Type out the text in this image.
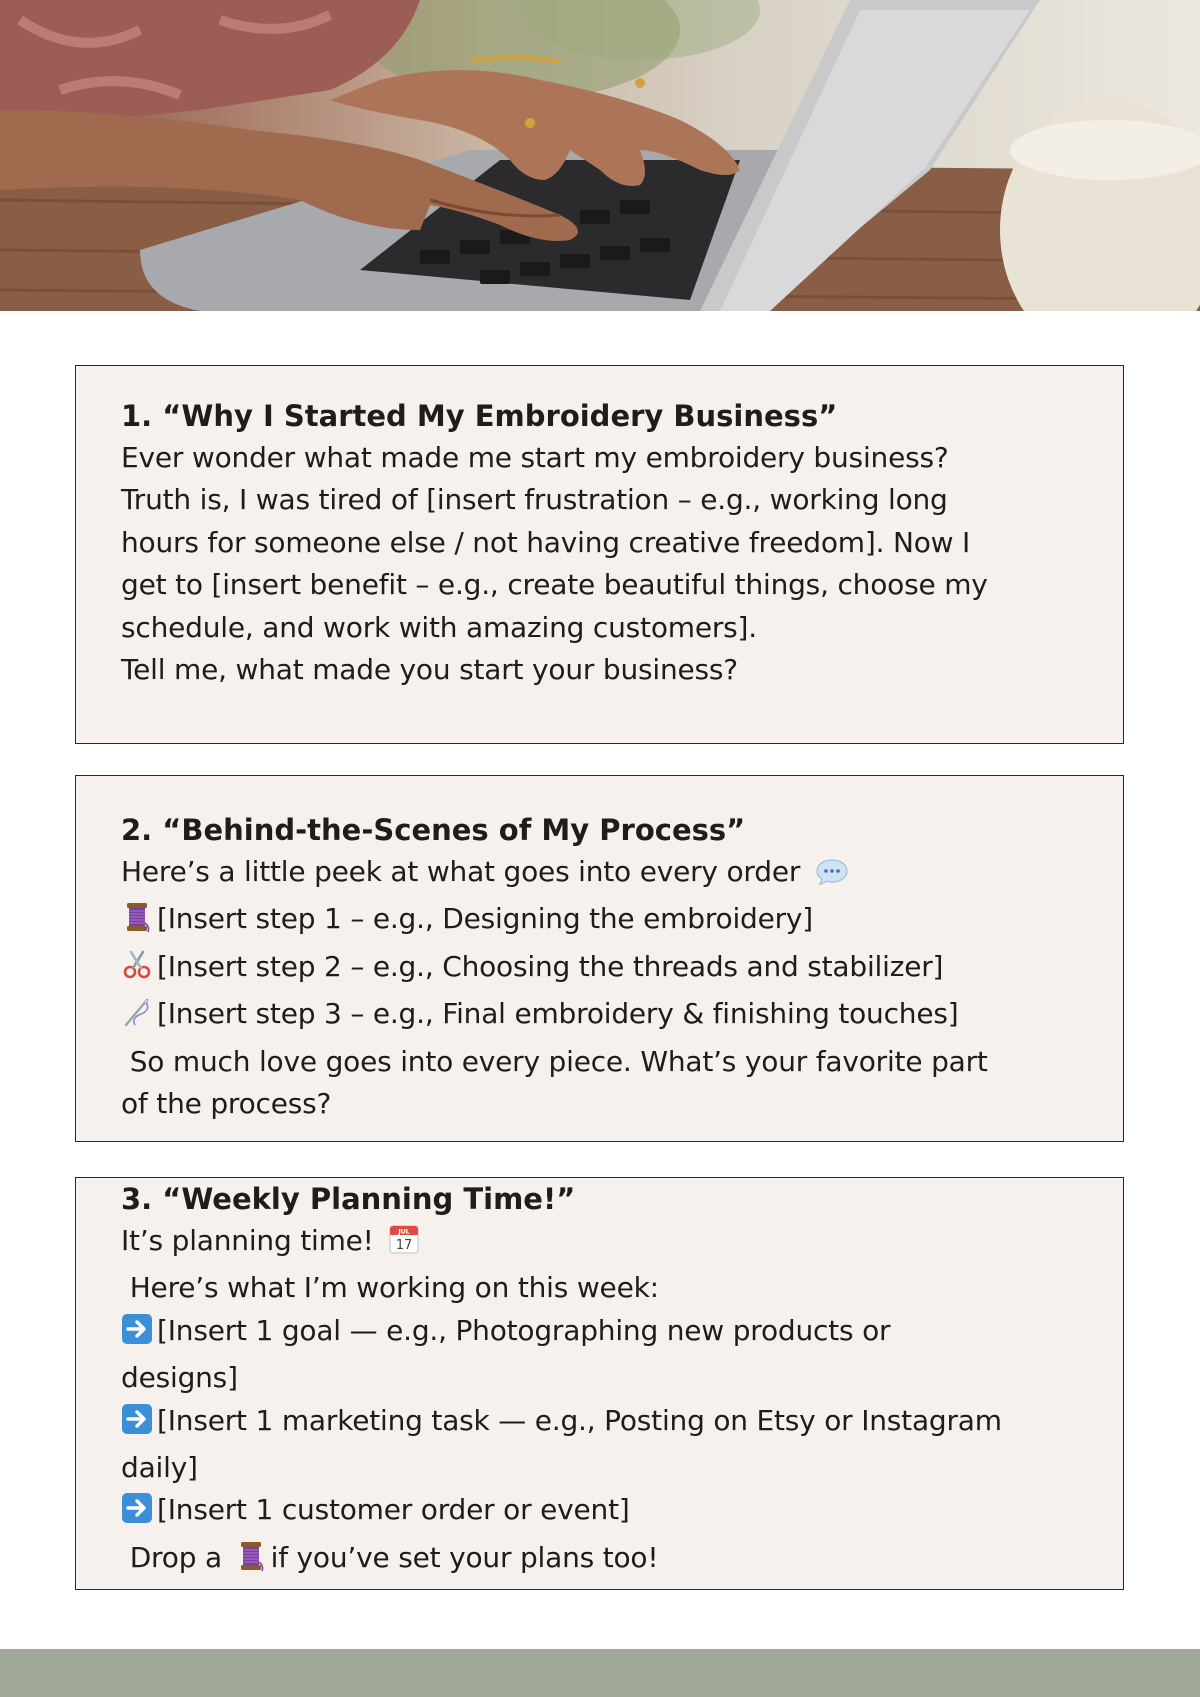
1. “Why I Started My Embroidery Business”

Ever wonder what made me start my embroidery business?

Truth is, I was tired of [insert frustration – e.g., working long

hours for someone else / not having creative freedom]. Now I

get to [insert benefit – e.g., create beautiful things, choose my

schedule, and work with amazing customers].

Tell me, what made you start your business?

2. “Behind-the-Scenes of My Process”

Here’s a little peek at what goes into every order

[Insert step 1 – e.g., Designing the embroidery]

[Insert step 2 – e.g., Choosing the threads and stabilizer]

[Insert step 3 – e.g., Final embroidery & finishing touches]

So much love goes into every piece. What’s your favorite part

of the process?

3. “Weekly Planning Time!”

It’s planning time!	JUL
17

Here’s what I’m working on this week:

[Insert 1 goal — e.g., Photographing new products or

designs]

[Insert 1 marketing task — e.g., Posting on Etsy or Instagram

daily]

[Insert 1 customer order or event]

Drop a if you’ve set your plans too!
